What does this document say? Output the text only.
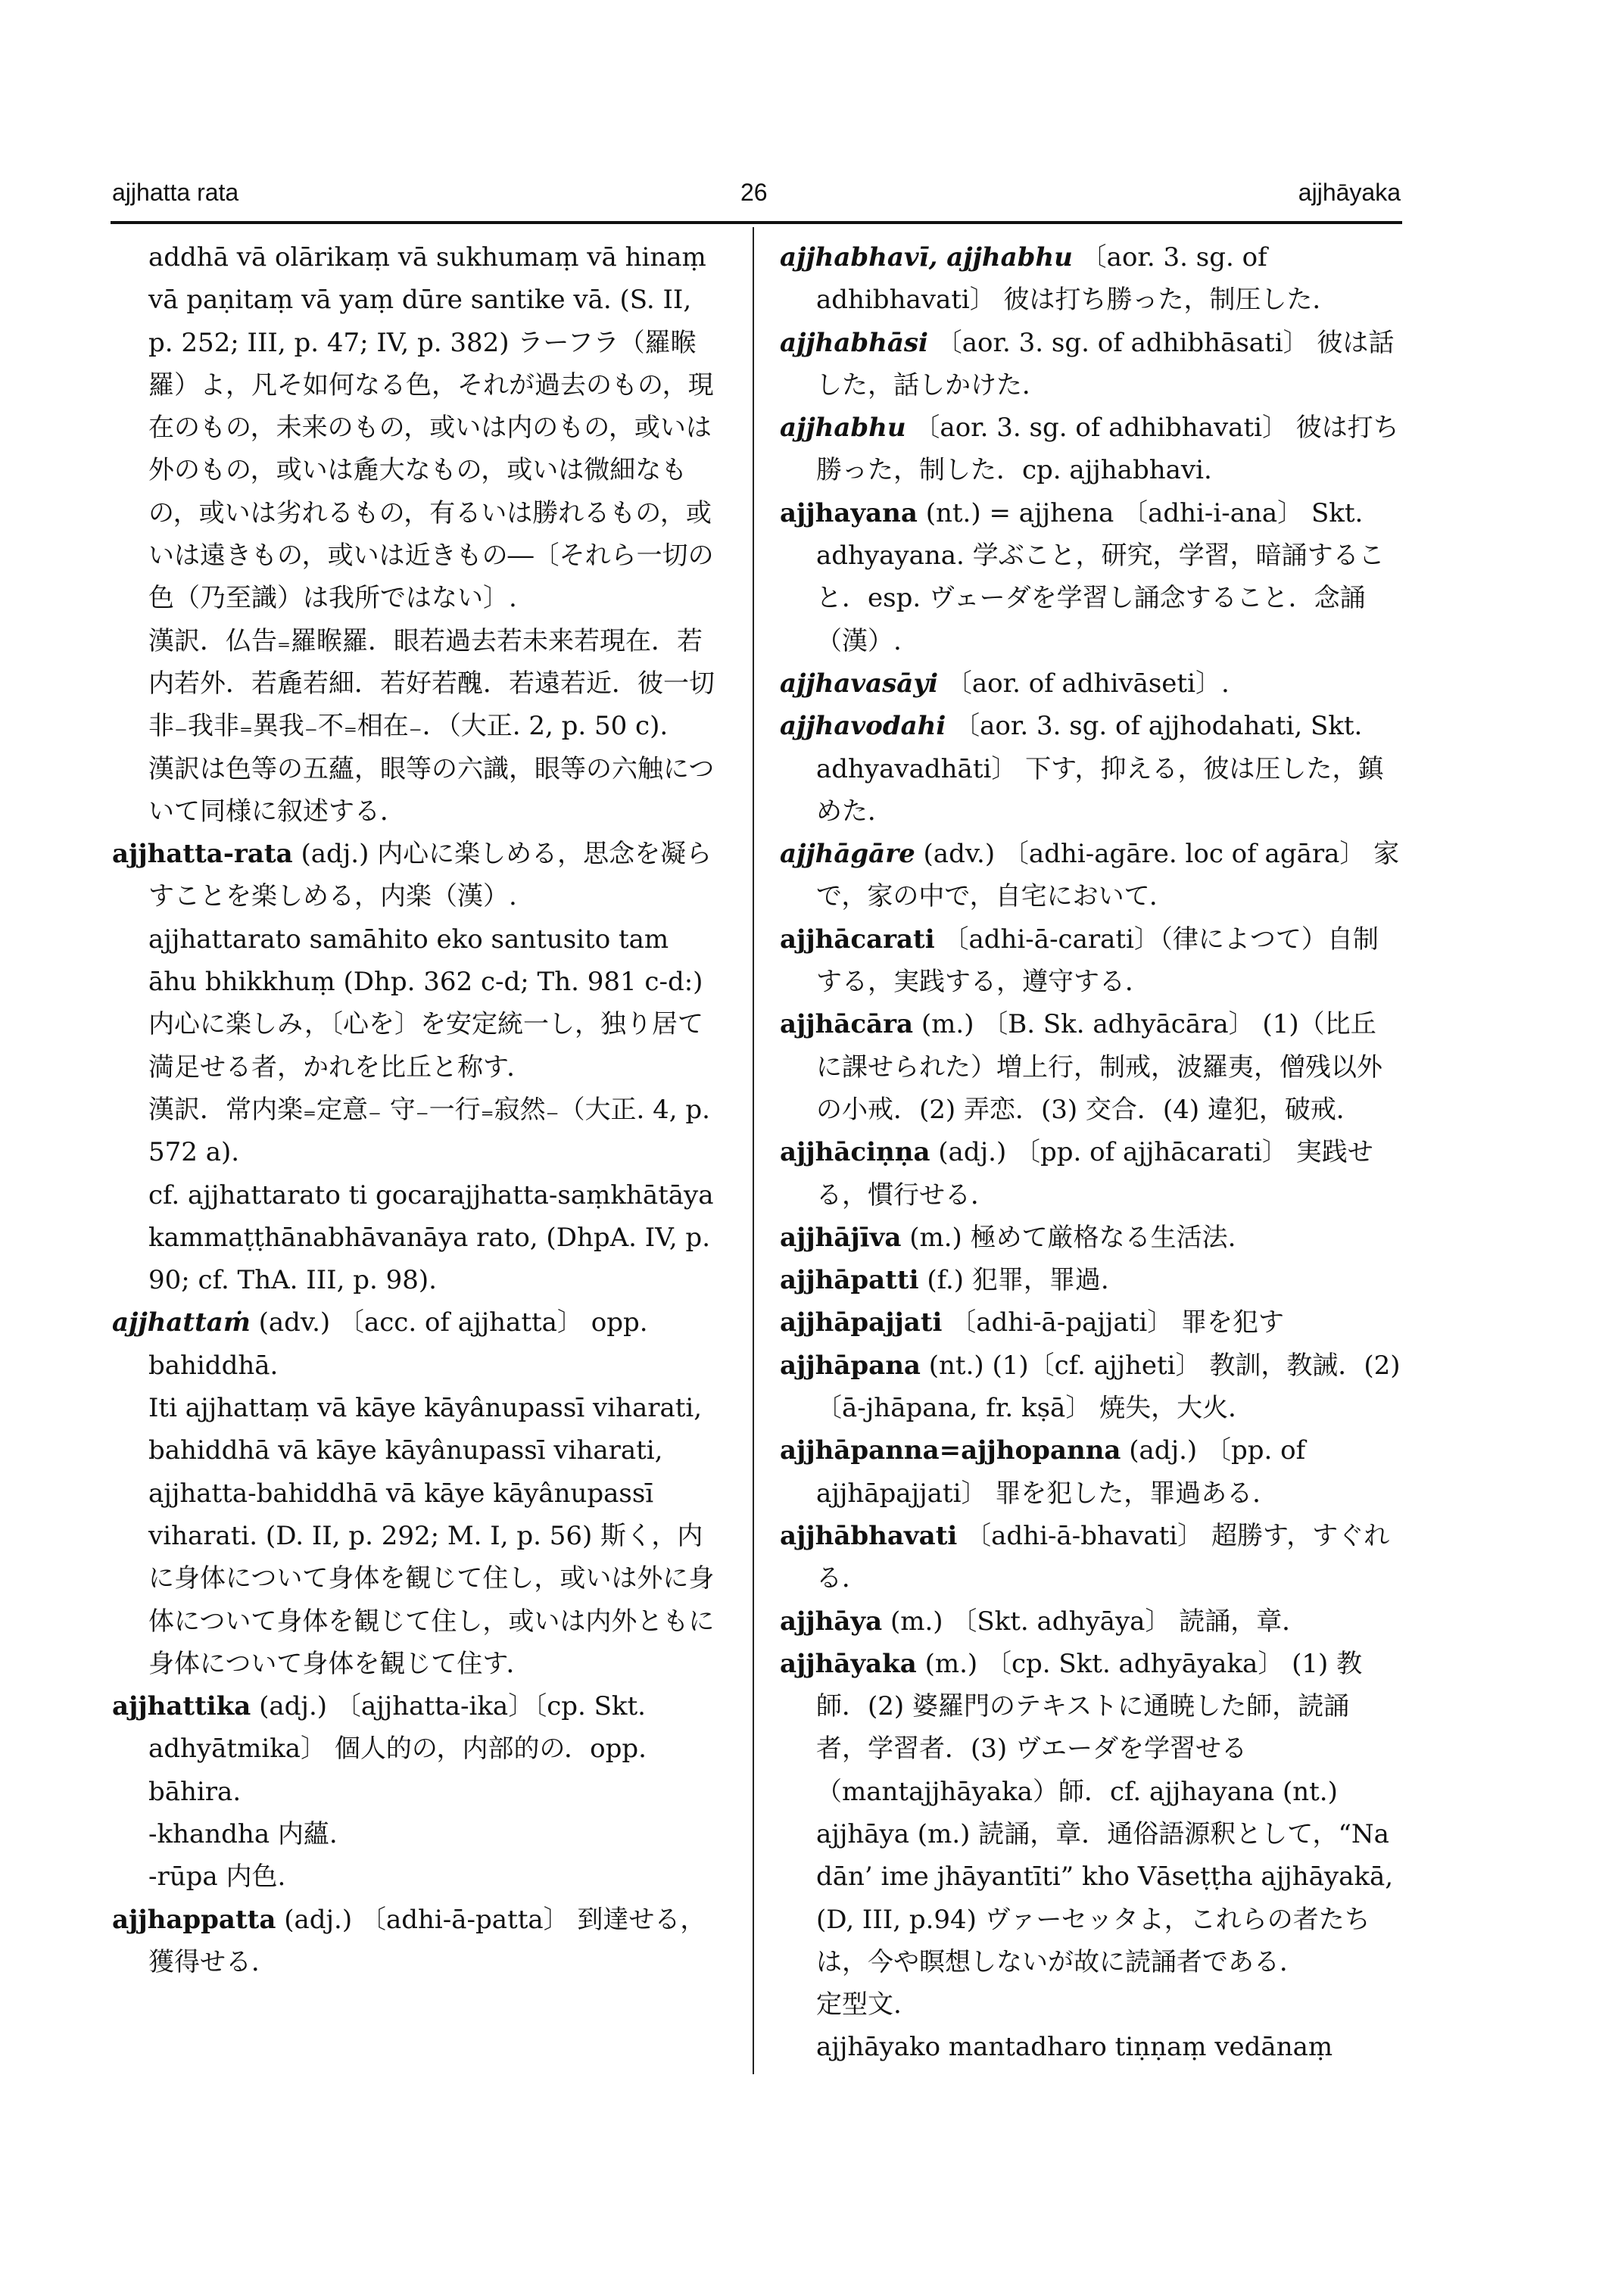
ajjhatta rata	26	ajjhāyaka

addhā vā olārikaṃ vā sukhumaṃ vā hinaṃ vā paṇitaṃ vā yaṃ dūre santike vā. (S. II, p. 252; III, p. 47; IV, p. 382) ラーフラ（羅睺羅）よ，凡そ如何なる色，それが過去のもの，現在のもの，未来のもの，或いは内のもの，或いは外のもの，或いは麁大なもの，或いは微細なもの，或いは劣れるもの，有るいは勝れるもの，或いは遠きもの，或いは近きもの―〔それら一切の色（乃至識）は我所ではない〕.

漢訳．仏告₌羅睺羅．眼若過去若未来若現在．若内若外．若麁若細．若好若醜．若遠若近．彼一切非₋我非₌異我₋不₌相在₋．（大正. 2, p. 50 c).

漢訳は色等の五蘊，眼等の六識，眼等の六触について同様に叙述する．

ajjhatta-rata (adj.) 内心に楽しめる，思念を凝らすことを楽しめる，内楽（漢）.

ajjhattarato samāhito eko santusito tam āhu bhikkhuṃ (Dhp. 362 c-d; Th. 981 c-d:) 内心に楽しみ，〔心を〕を安定統一し，独り居て満足せる者，かれを比丘と称す．

漢訳．常内楽₌定意₋ 守₋一行₌寂然₋（大正. 4, p. 572 a).

cf. ajjhattarato ti gocarajjhatta-saṃkhātāya kammaṭṭhānabhāvanāya rato, (DhpA. IV, p. 90; cf. ThA. III, p. 98).

ajjhattaṁ (adv.) 〔acc. of ajjhatta〕 opp. bahiddhā.

Iti ajjhattaṃ vā kāye kāyânupassī viharati, bahiddhā vā kāye kāyânupassī viharati, ajjhatta-bahiddhā vā kāye kāyânupassī viharati. (D. II, p. 292; M. I, p. 56) 斯く，内に身体について身体を観じて住し，或いは外に身体について身体を観じて住し，或いは内外ともに身体について身体を観じて住す．

ajjhattika (adj.) 〔ajjhatta-ika〕〔cp. Skt. adhyātmika〕 個人的の，内部的の．opp. bāhira.

-khandha 内蘊.

-rūpa 内色.

ajjhappatta (adj.) 〔adhi-ā-patta〕 到達せる，獲得せる．

ajjhabhavī, ajjhabhu 〔aor. 3. sg. of adhibhavati〕 彼は打ち勝った，制圧した．

ajjhabhāsi 〔aor. 3. sg. of adhibhāsati〕 彼は話した，話しかけた．

ajjhabhu 〔aor. 3. sg. of adhibhavati〕 彼は打ち勝った，制した．cp. ajjhabhavi.

ajjhayana (nt.) = ajjhena 〔adhi-i-ana〕 Skt. adhyayana. 学ぶこと，研究，学習，暗誦すること．esp. ヴェーダを学習し誦念すること．念誦（漢）.

ajjhavasāyi 〔aor. of adhivāseti〕.

ajjhavodahi 〔aor. 3. sg. of ajjhodahati, Skt. adhyavadhāti〕 下す，抑える，彼は圧した，鎮めた．

ajjhāgāre (adv.) 〔adhi-agāre. loc of agāra〕 家で，家の中で，自宅において．

ajjhācarati 〔adhi-ā-carati〕（律によつて）自制する，実践する，遵守する．

ajjhācāra (m.) 〔B. Sk. adhyācāra〕 (1)（比丘に課せられた）増上行，制戒，波羅夷，僧残以外の小戒．(2) 弄恋．(3) 交合．(4) 違犯，破戒．

ajjhāciṇṇa (adj.) 〔pp. of ajjhācarati〕 実践せる，慣行せる．

ajjhājīva (m.) 極めて厳格なる生活法.

ajjhāpatti (f.) 犯罪，罪過.

ajjhāpajjati 〔adhi-ā-pajjati〕 罪を犯す

ajjhāpana (nt.) (1)〔cf. ajjheti〕 教訓，教誡．(2)〔ā-jhāpana, fr. kṣā〕 焼失，大火．

ajjhāpanna=ajjhopanna (adj.) 〔pp. of ajjhāpajjati〕 罪を犯した，罪過ある．

ajjhābhavati 〔adhi-ā-bhavati〕 超勝す，すぐれる．

ajjhāya (m.) 〔Skt. adhyāya〕 読誦，章．

ajjhāyaka (m.) 〔cp. Skt. adhyāyaka〕 (1) 教師．(2) 婆羅門のテキストに通暁した師，読誦者，学習者．(3) ヴエーダを学習せる（mantajjhāyaka）師．cf. ajjhayana (nt.) ajjhāya (m.) 読誦，章．通俗語源釈として，“Na dān’ ime jhāyantīti” kho Vāseṭṭha ajjhāyakā, (D, III, p.94) ヴァーセッタよ，これらの者たちは，今や瞑想しないが故に読誦者である．

定型文.

ajjhāyako mantadharo tiṇṇaṃ vedānaṃ
